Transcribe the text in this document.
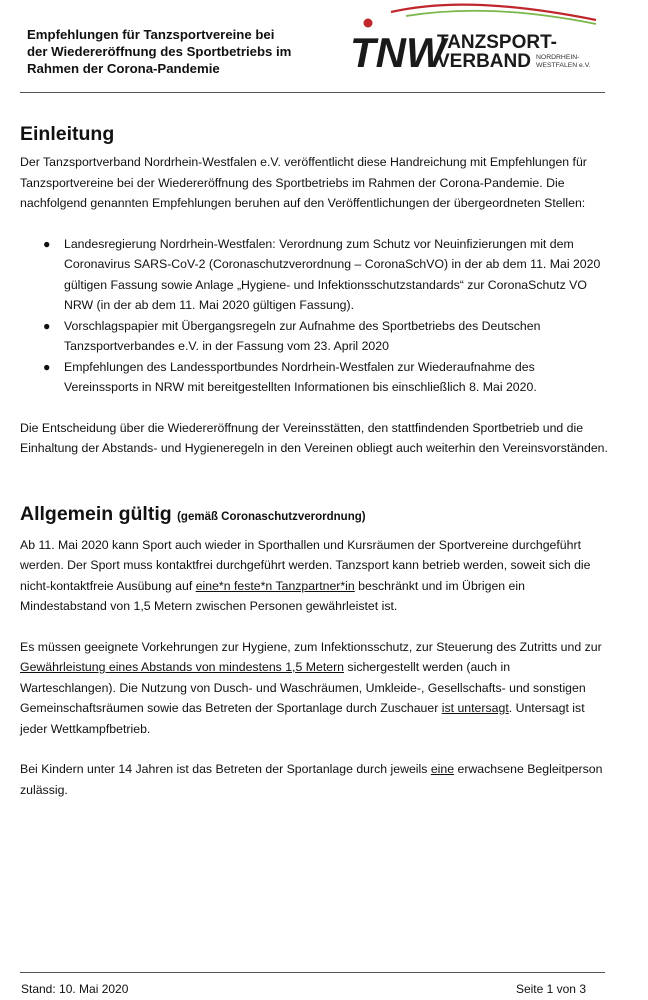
Empfehlungen für Tanzsportvereine bei
der Wiedereröffnung des Sportbetriebs im
Rahmen der Corona-Pandemie	TNW
TANZSPORT-
VERBAND NORDRHEIN-
WESTFALEN e.V.
Einleitung

Der Tanzsportverband Nordrhein-Westfalen e.V. veröffentlicht diese Handreichung mit Empfehlungen für Tanzsportvereine bei der Wiedereröffnung des Sportbetriebs im Rahmen der Corona-Pandemie. Die nachfolgend genannten Empfehlungen beruhen auf den Veröffentlichungen der übergeordneten Stellen:

● Landesregierung Nordrhein-Westfalen: Verordnung zum Schutz vor Neuinfizierungen mit dem Coronavirus SARS-CoV-2 (Coronaschutzverordnung – CoronaSchVO) in der ab dem 11. Mai 2020 gültigen Fassung sowie Anlage „Hygiene- und Infektionsschutzstandards“ zur CoronaSchutz VO NRW (in der ab dem 11. Mai 2020 gültigen Fassung).
● Vorschlagspapier mit Übergangsregeln zur Aufnahme des Sportbetriebs des Deutschen Tanzsportverbandes e.V. in der Fassung vom 23. April 2020
● Empfehlungen des Landessportbundes Nordrhein-Westfalen zur Wiederaufnahme des Vereinssports in NRW mit bereitgestellten Informationen bis einschließlich 8. Mai 2020.

Die Entscheidung über die Wiedereröffnung der Vereinsstätten, den stattfindenden Sportbetrieb und die Einhaltung der Abstands- und Hygieneregeln in den Vereinen obliegt auch weiterhin den Vereinsvorständen.

Allgemein gültig (gemäß Coronaschutzverordnung)

Ab 11. Mai 2020 kann Sport auch wieder in Sporthallen und Kursräumen der Sportvereine durchgeführt werden. Der Sport muss kontaktfrei durchgeführt werden. Tanzsport kann betrieb werden, soweit sich die nicht-kontaktfreie Ausübung auf eine*n feste*n Tanzpartner*in beschränkt und im Übrigen ein Mindestabstand von 1,5 Metern zwischen Personen gewährleistet ist.

Es müssen geeignete Vorkehrungen zur Hygiene, zum Infektionsschutz, zur Steuerung des Zutritts und zur Gewährleistung eines Abstands von mindestens 1,5 Metern sichergestellt werden (auch in Warteschlangen). Die Nutzung von Dusch- und Waschräumen, Umkleide-, Gesellschafts- und sonstigen Gemeinschaftsräumen sowie das Betreten der Sportanlage durch Zuschauer ist untersagt. Untersagt ist jeder Wettkampfbetrieb.

Bei Kindern unter 14 Jahren ist das Betreten der Sportanlage durch jeweils eine erwachsene Begleitperson zulässig.

Stand: 10. Mai 2020	Seite 1 von 3
